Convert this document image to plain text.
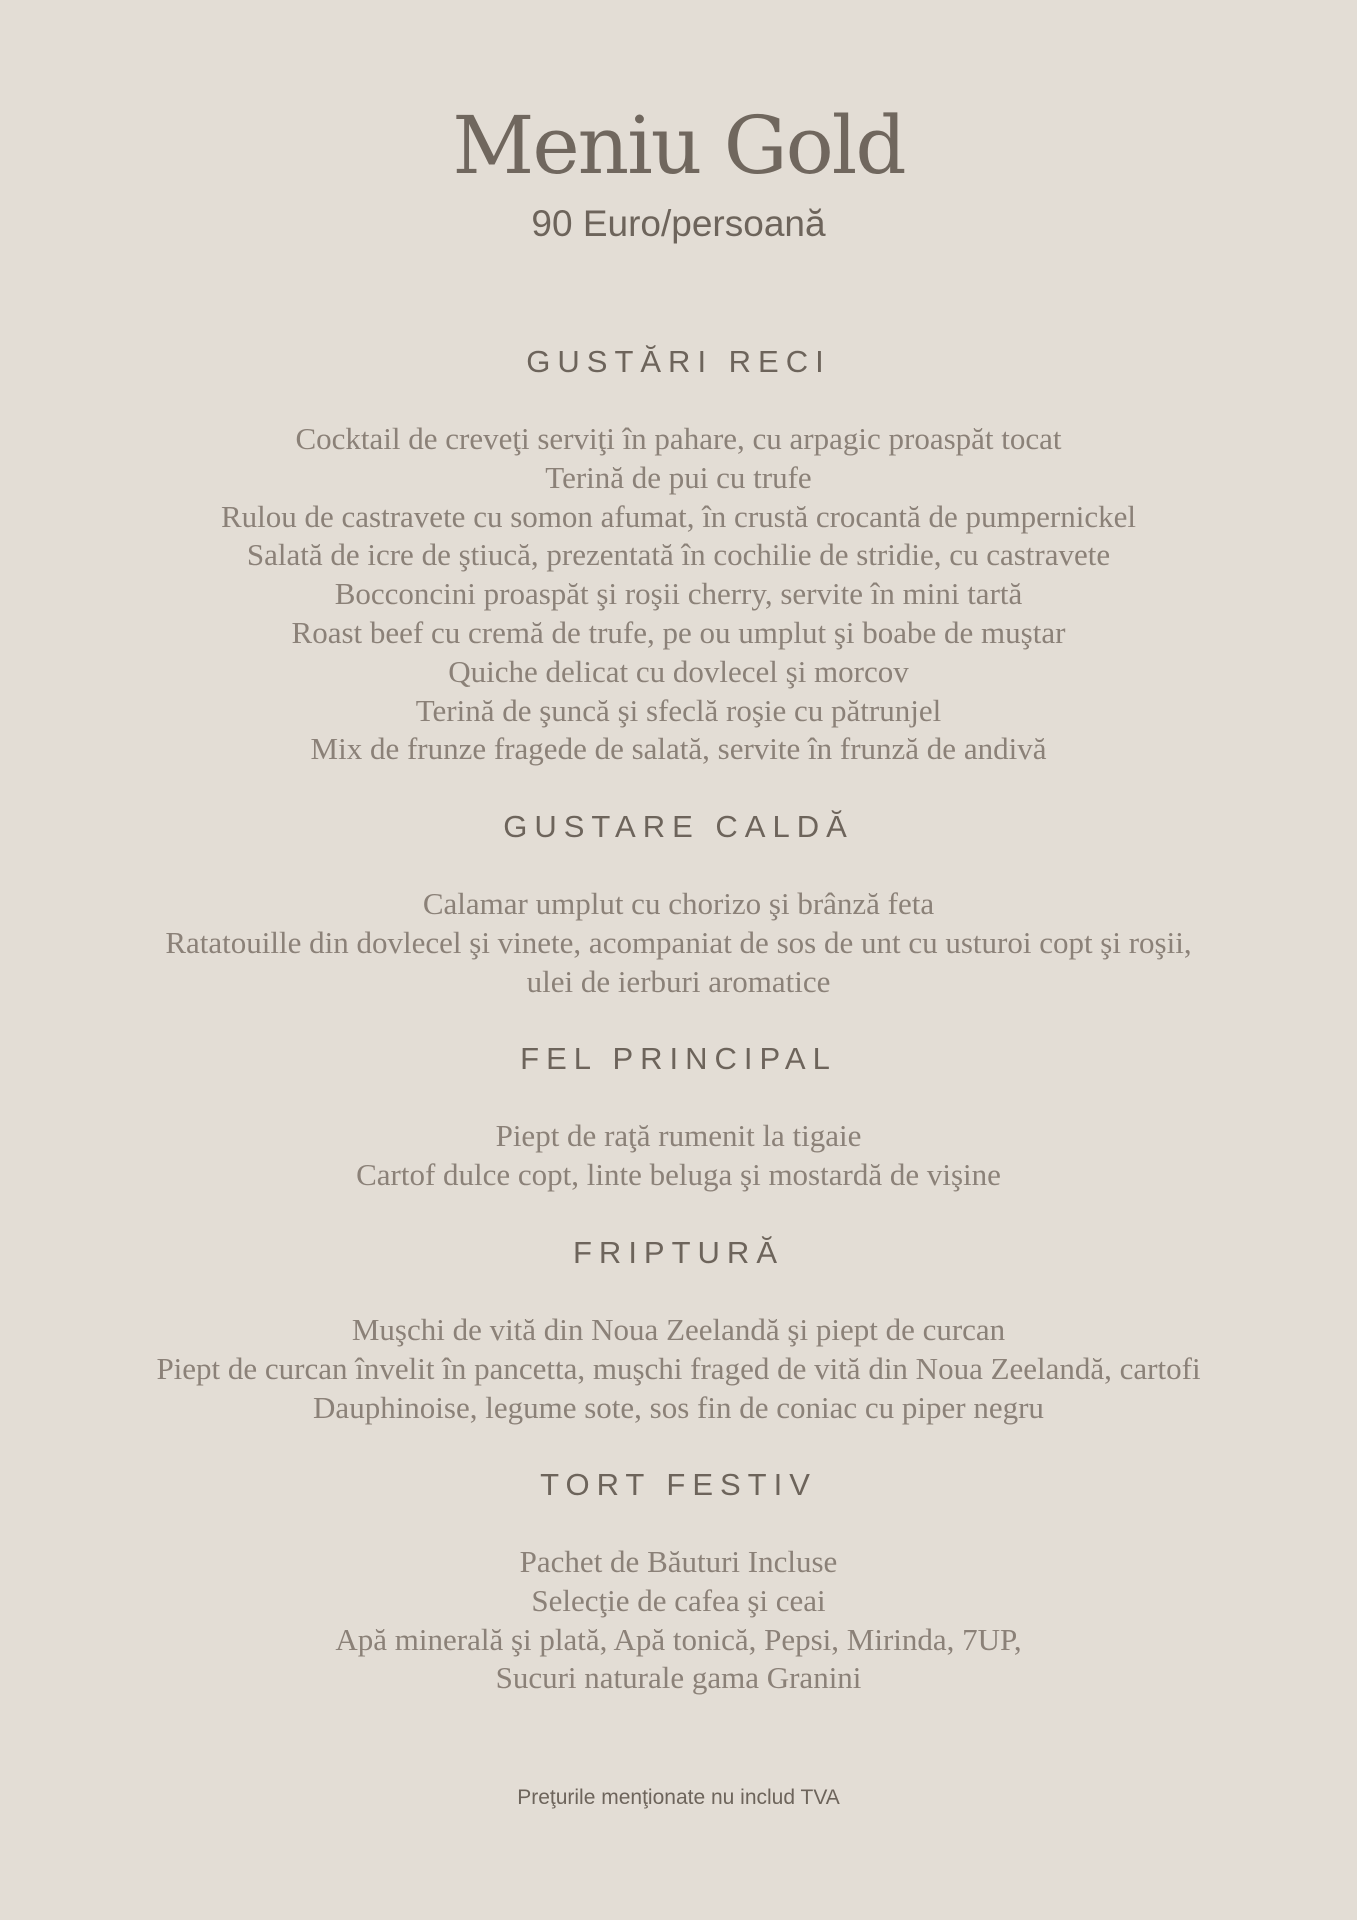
Meniu Gold
90 Euro/persoană
GUSTĂRI RECI
Cocktail de creveţi serviţi în pahare, cu arpagic proaspăt tocat
Terină de pui cu trufe
Rulou de castravete cu somon afumat, în crustă crocantă de pumpernickel
Salată de icre de ştiucă, prezentată în cochilie de stridie, cu castravete
Bocconcini proaspăt şi roşii cherry, servite în mini tartă
Roast beef cu cremă de trufe, pe ou umplut şi boabe de muştar
Quiche delicat cu dovlecel şi morcov
Terină de şuncă şi sfeclă roşie cu pătrunjel
Mix de frunze fragede de salată, servite în frunză de andivă
GUSTARE CALDĂ
Calamar umplut cu chorizo şi brânză feta
Ratatouille din dovlecel şi vinete, acompaniat de sos de unt cu usturoi copt şi roşii,
ulei de ierburi aromatice
FEL PRINCIPAL
Piept de raţă rumenit la tigaie
Cartof dulce copt, linte beluga şi mostardă de vişine
FRIPTURĂ
Muşchi de vită din Noua Zeelandă şi piept de curcan
Piept de curcan învelit în pancetta, muşchi fraged de vită din Noua Zeelandă, cartofi
Dauphinoise, legume sote, sos fin de coniac cu piper negru
TORT FESTIV
Pachet de Băuturi Incluse
Selecţie de cafea şi ceai
Apă minerală şi plată, Apă tonică, Pepsi, Mirinda, 7UP,
Sucuri naturale gama Granini
Preţurile menţionate nu includ TVA
